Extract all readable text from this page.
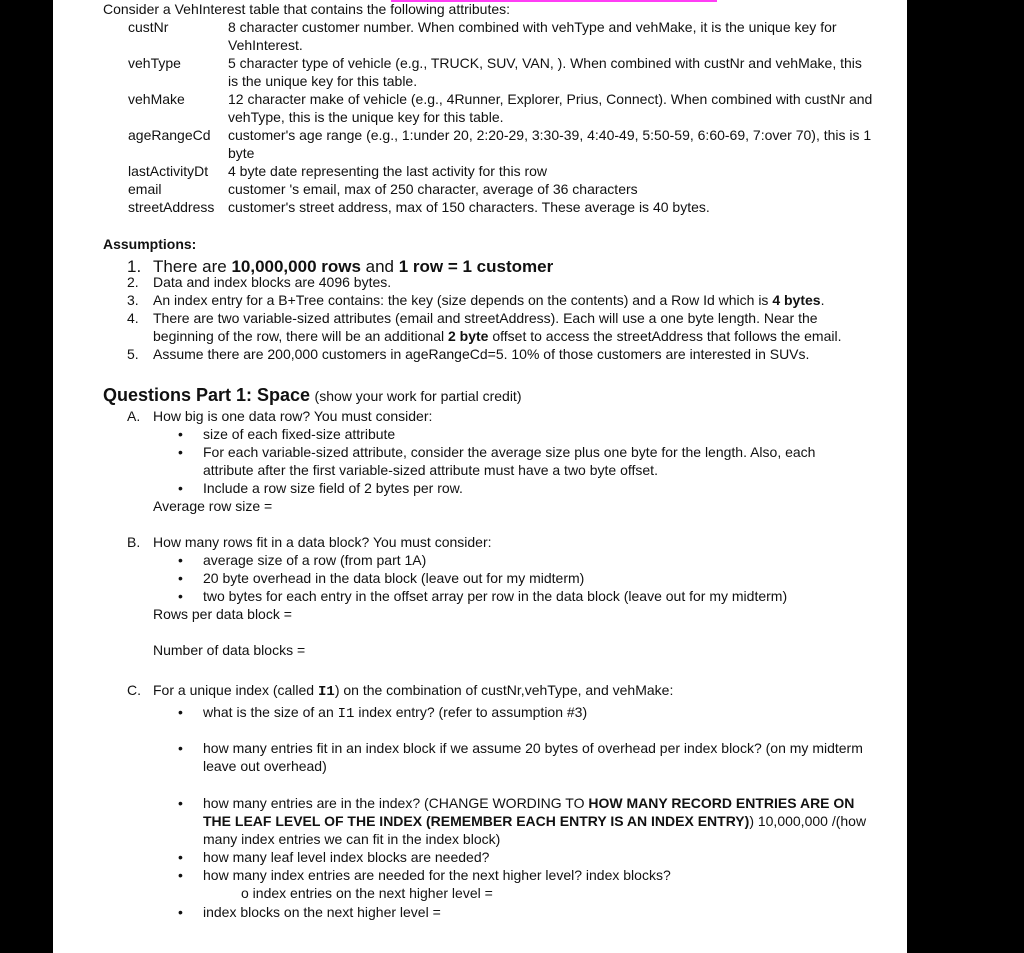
Consider a VehInterest table that contains the following attributes:
custNr	8 character customer number. When combined with vehType and vehMake, it is the unique key for VehInterest.
vehType	5 character type of vehicle (e.g., TRUCK, SUV, VAN, ). When combined with custNr and vehMake, this is the unique key for this table.
vehMake	12 character make of vehicle (e.g., 4Runner, Explorer, Prius, Connect). When combined with custNr and vehType, this is the unique key for this table.
ageRangeCd customer's age range (e.g., 1:under 20, 2:20-29, 3:30-39, 4:40-49, 5:50-59, 6:60-69, 7:over 70), this is 1 byte
lastActivityDt 4 byte date representing the last activity for this row
email	customer 's email, max of 250 character, average of 36 characters
streetAddress customer's street address, max of 150 characters. These average is 40 bytes.
Assumptions:
1. There are 10,000,000 rows and 1 row = 1 customer
2. Data and index blocks are 4096 bytes.
3. An index entry for a B+Tree contains: the key (size depends on the contents) and a Row Id which is 4 bytes.
4. There are two variable-sized attributes (email and streetAddress). Each will use a one byte length. Near the beginning of the row, there will be an additional 2 byte offset to access the streetAddress that follows the email.
5. Assume there are 200,000 customers in ageRangeCd=5. 10% of those customers are interested in SUVs.
Questions Part 1: Space (show your work for partial credit)
A. How big is one data row? You must consider:
• size of each fixed-size attribute
• For each variable-sized attribute, consider the average size plus one byte for the length. Also, each attribute after the first variable-sized attribute must have a two byte offset.
• Include a row size field of 2 bytes per row.
Average row size =
B. How many rows fit in a data block? You must consider:
• average size of a row (from part 1A)
• 20 byte overhead in the data block (leave out for my midterm)
• two bytes for each entry in the offset array per row in the data block (leave out for my midterm)
Rows per data block =
Number of data blocks =
C. For a unique index (called I1) on the combination of custNr,vehType, and vehMake:
• what is the size of an I1 index entry? (refer to assumption #3)
• how many entries fit in an index block if we assume 20 bytes of overhead per index block? (on my midterm leave out overhead)
• how many entries are in the index? (CHANGE WORDING TO HOW MANY RECORD ENTRIES ARE ON THE LEAF LEVEL OF THE INDEX (REMEMBER EACH ENTRY IS AN INDEX ENTRY)) 10,000,000 /(how many index entries we can fit in the index block)
• how many leaf level index blocks are needed?
• how many index entries are needed for the next higher level? index blocks?
o index entries on the next higher level =
• index blocks on the next higher level =
